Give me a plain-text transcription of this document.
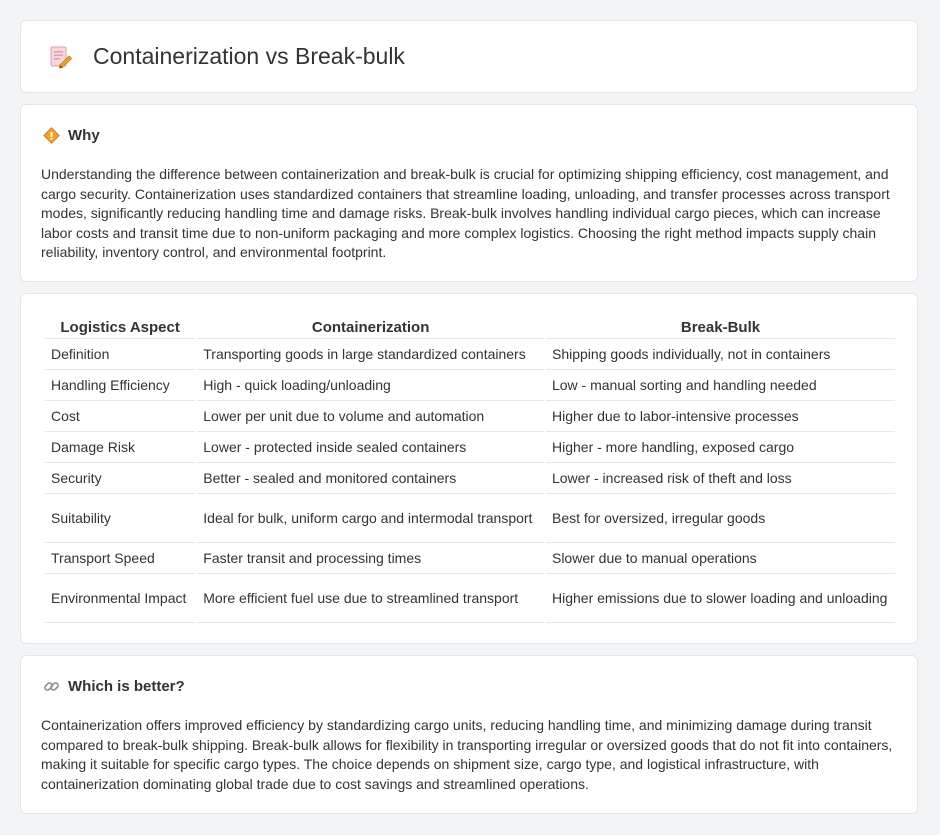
Containerization vs Break-bulk
Why

Understanding the difference between containerization and break-bulk is crucial for optimizing shipping efficiency, cost management, and cargo security. Containerization uses standardized containers that streamline loading, unloading, and transfer processes across transport modes, significantly reducing handling time and damage risks. Break-bulk involves handling individual cargo pieces, which can increase labor costs and transit time due to non-uniform packaging and more complex logistics. Choosing the right method impacts supply chain reliability, inventory control, and environmental footprint.

Logistics Aspect	Containerization	Break-Bulk
Definition	Transporting goods in large standardized containers	Shipping goods individually, not in containers
Handling Efficiency	High - quick loading/unloading	Low - manual sorting and handling needed
Cost	Lower per unit due to volume and automation	Higher due to labor-intensive processes
Damage Risk	Lower - protected inside sealed containers	Higher - more handling, exposed cargo
Security	Better - sealed and monitored containers	Lower - increased risk of theft and loss
Suitability	Ideal for bulk, uniform cargo and intermodal transport	Best for oversized, irregular goods
Transport Speed	Faster transit and processing times	Slower due to manual operations
Environmental Impact	More efficient fuel use due to streamlined transport	Higher emissions due to slower loading and unloading
Which is better?

Containerization offers improved efficiency by standardizing cargo units, reducing handling time, and minimizing damage during transit compared to break-bulk shipping. Break-bulk allows for flexibility in transporting irregular or oversized goods that do not fit into containers, making it suitable for specific cargo types. The choice depends on shipment size, cargo type, and logistical infrastructure, with containerization dominating global trade due to cost savings and streamlined operations.
